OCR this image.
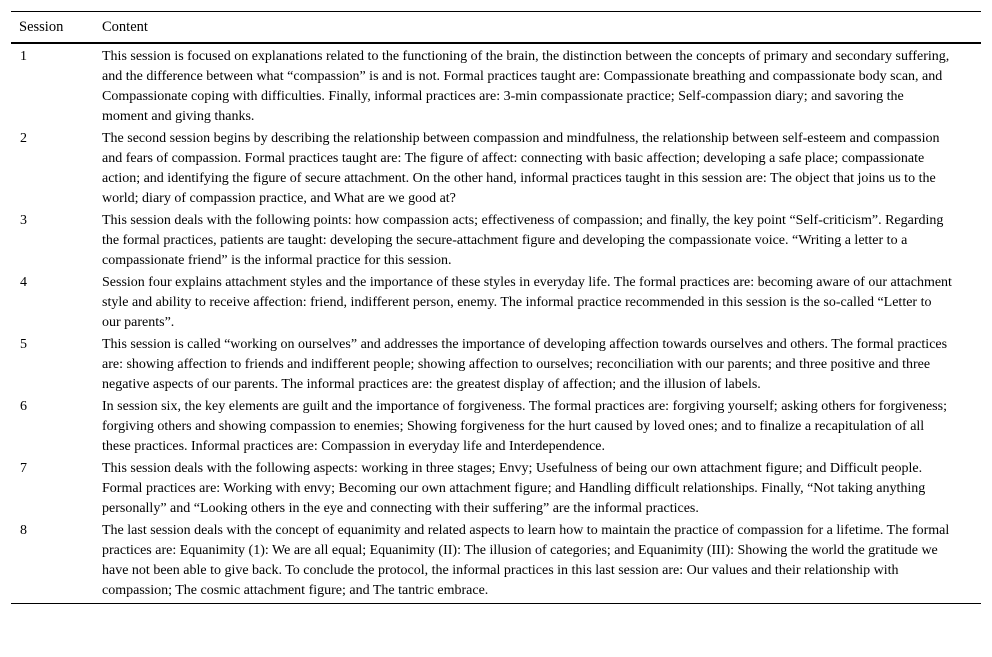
Session	Content
1	This session is focused on explanations related to the functioning of the brain, the distinction between the concepts of primary and secondary suffering, and the difference between what “compassion” is and is not. Formal practices taught are: Compassionate breathing and compassionate body scan, and Compassionate coping with difficulties. Finally, informal practices are: 3-min compassionate practice; Self-compassion diary; and savoring the moment and giving thanks.
2	The second session begins by describing the relationship between compassion and mindfulness, the relationship between self-esteem and compassion and fears of compassion. Formal practices taught are: The figure of affect: connecting with basic affection; developing a safe place; compassionate action; and identifying the figure of secure attachment. On the other hand, informal practices taught in this session are: The object that joins us to the world; diary of compassion practice, and What are we good at?
3	This session deals with the following points: how compassion acts; effectiveness of compassion; and finally, the key point “Self-criticism”. Regarding the formal practices, patients are taught: developing the secure-attachment figure and developing the compassionate voice. “Writing a letter to a compassionate friend” is the informal practice for this session.
4	Session four explains attachment styles and the importance of these styles in everyday life. The formal practices are: becoming aware of our attachment style and ability to receive affection: friend, indifferent person, enemy. The informal practice recommended in this session is the so-called “Letter to our parents”.
5	This session is called “working on ourselves” and addresses the importance of developing affection towards ourselves and others. The formal practices are: showing affection to friends and indifferent people; showing affection to ourselves; reconciliation with our parents; and three positive and three negative aspects of our parents. The informal practices are: the greatest display of affection; and the illusion of labels.
6	In session six, the key elements are guilt and the importance of forgiveness. The formal practices are: forgiving yourself; asking others for forgiveness; forgiving others and showing compassion to enemies; Showing forgiveness for the hurt caused by loved ones; and to finalize a recapitulation of all these practices. Informal practices are: Compassion in everyday life and Interdependence.
7	This session deals with the following aspects: working in three stages; Envy; Usefulness of being our own attachment figure; and Difficult people. Formal practices are: Working with envy; Becoming our own attachment figure; and Handling difficult relationships. Finally, “Not taking anything personally” and “Looking others in the eye and connecting with their suffering” are the informal practices.
8	The last session deals with the concept of equanimity and related aspects to learn how to maintain the practice of compassion for a lifetime. The formal practices are: Equanimity (1): We are all equal; Equanimity (II): The illusion of categories; and Equanimity (III): Showing the world the gratitude we have not been able to give back. To conclude the protocol, the informal practices in this last session are: Our values and their relationship with compassion; The cosmic attachment figure; and The tantric embrace.
